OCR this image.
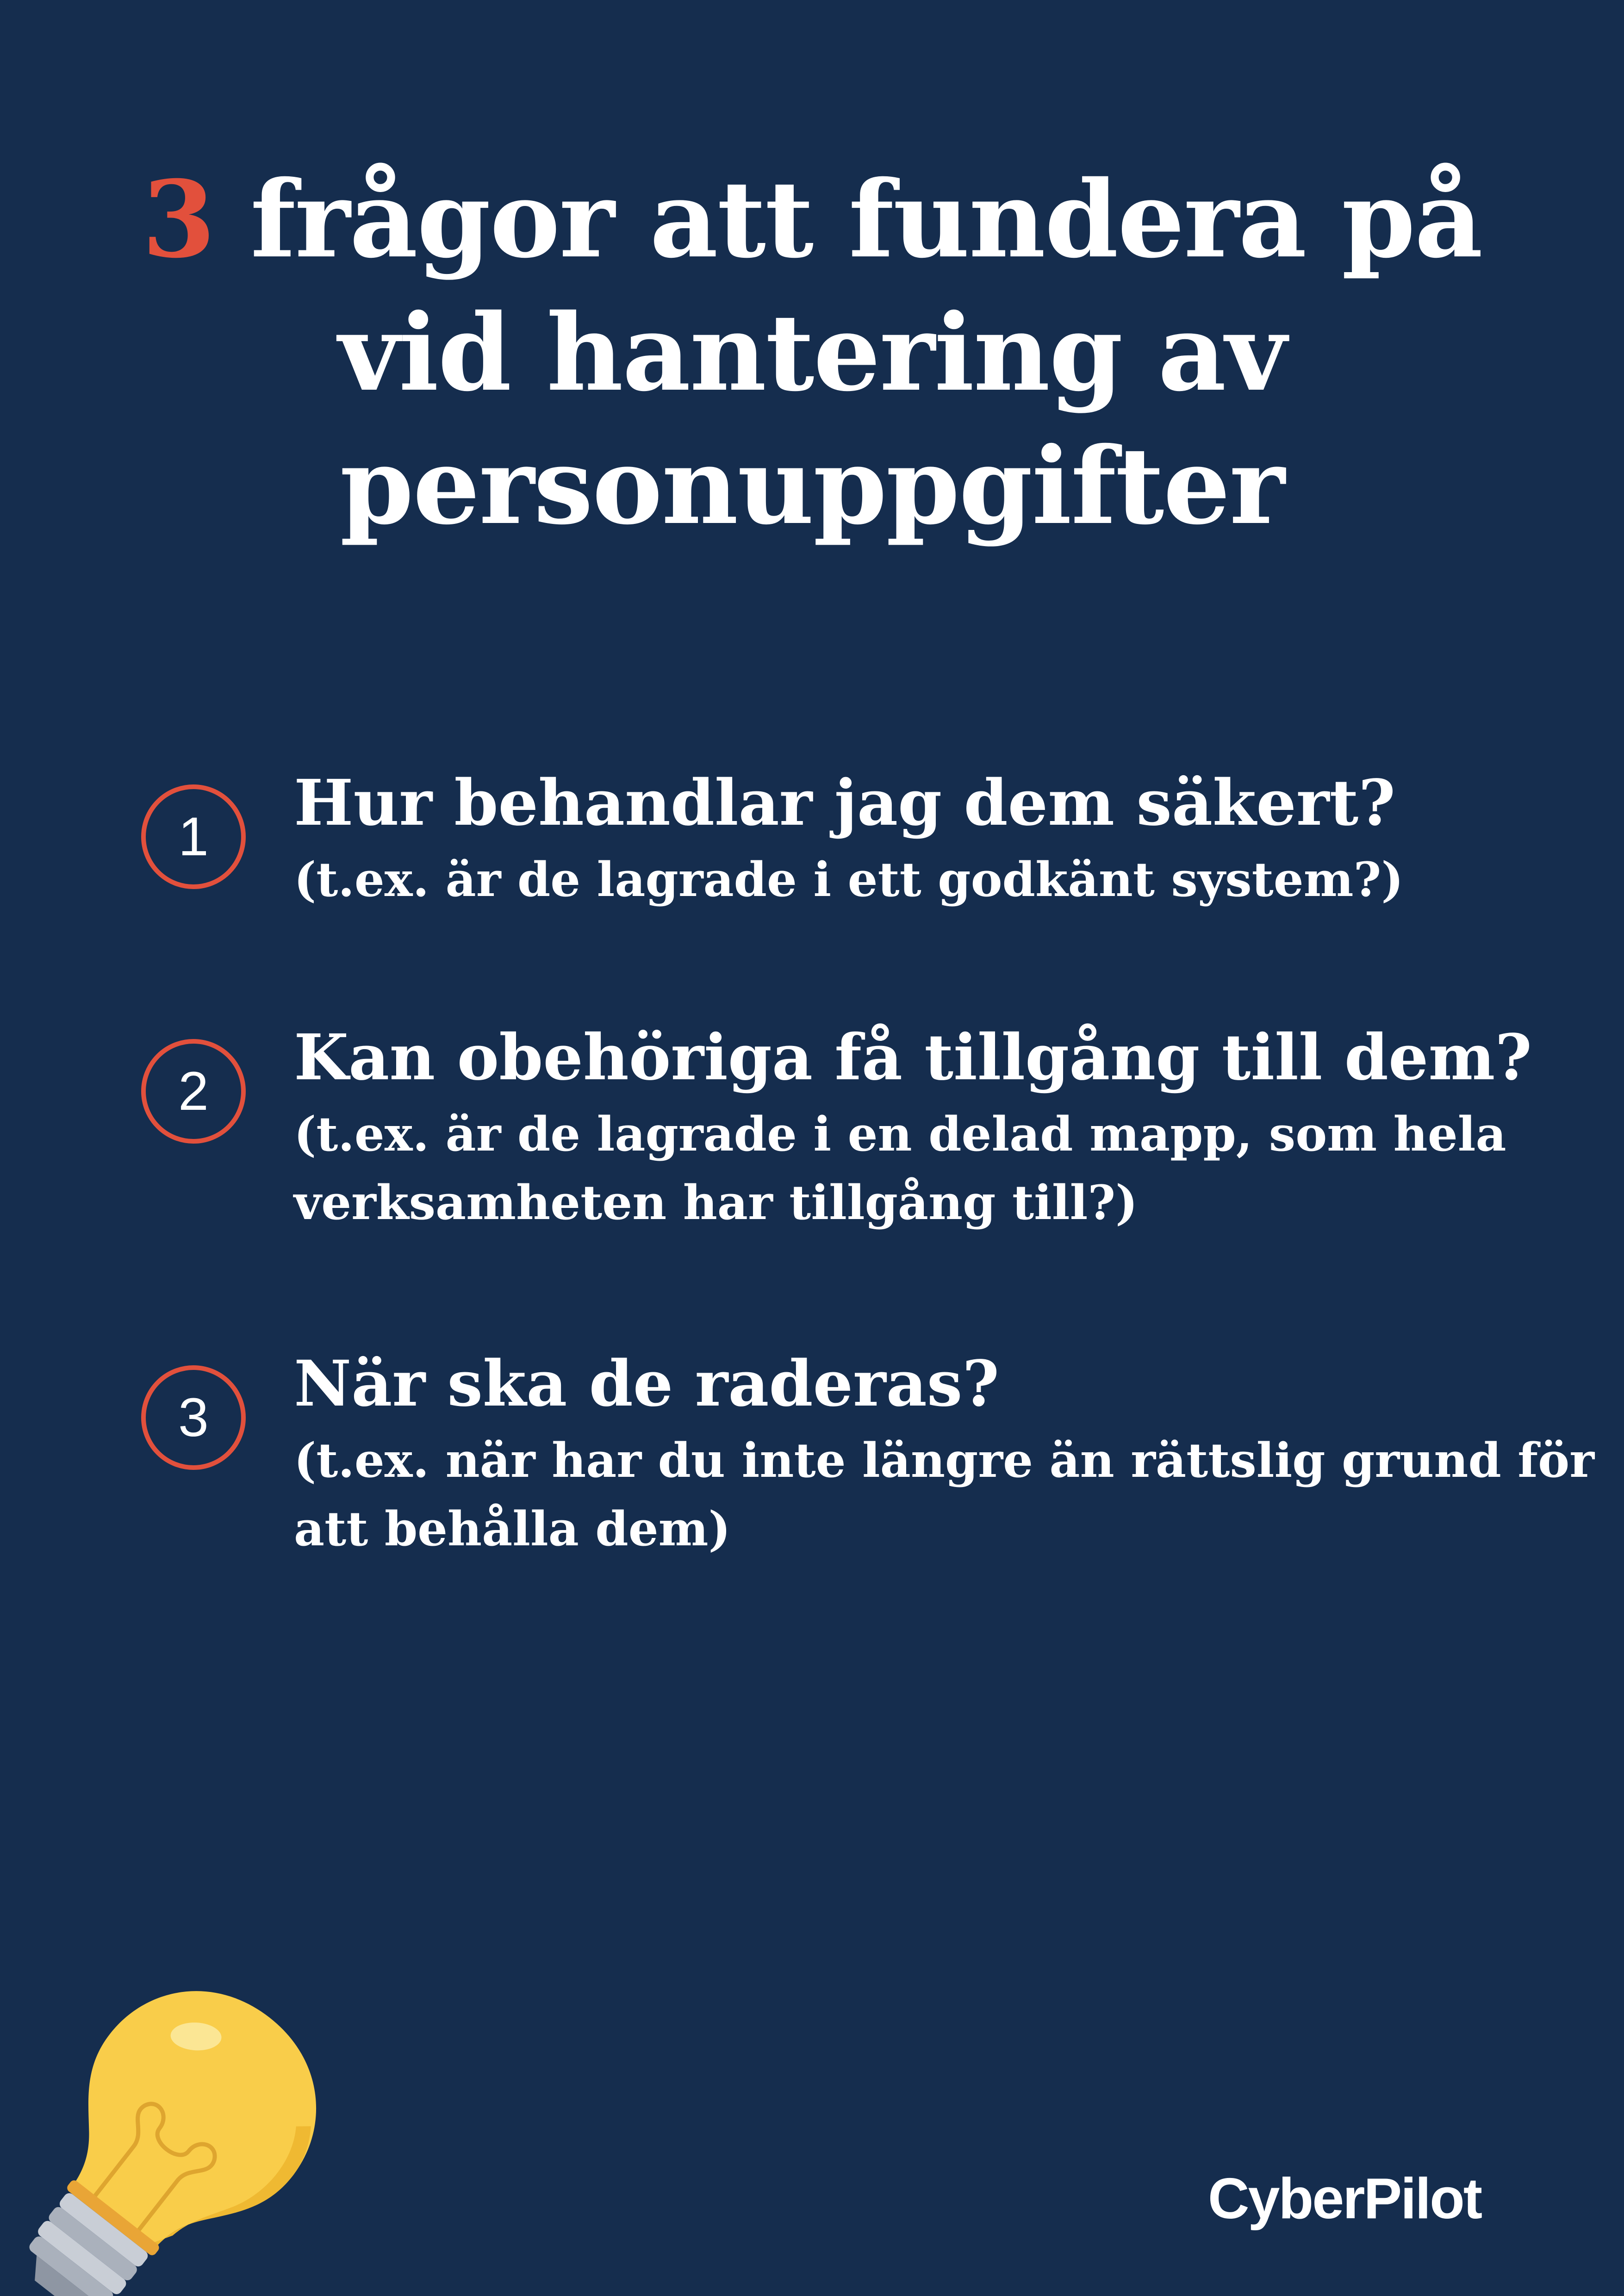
3 frågor att fundera på
vid hantering av
personuppgifter
1	Hur behandlar jag dem säkert?
(t.ex. är de lagrade i ett godkänt system?)
2	Kan obehöriga få tillgång till dem?
(t.ex. är de lagrade i en delad mapp, som hela verksamheten har tillgång till?)
3	När ska de raderas?
(t.ex. när har du inte längre än rättslig grund för att behålla dem)
CyberPilot
